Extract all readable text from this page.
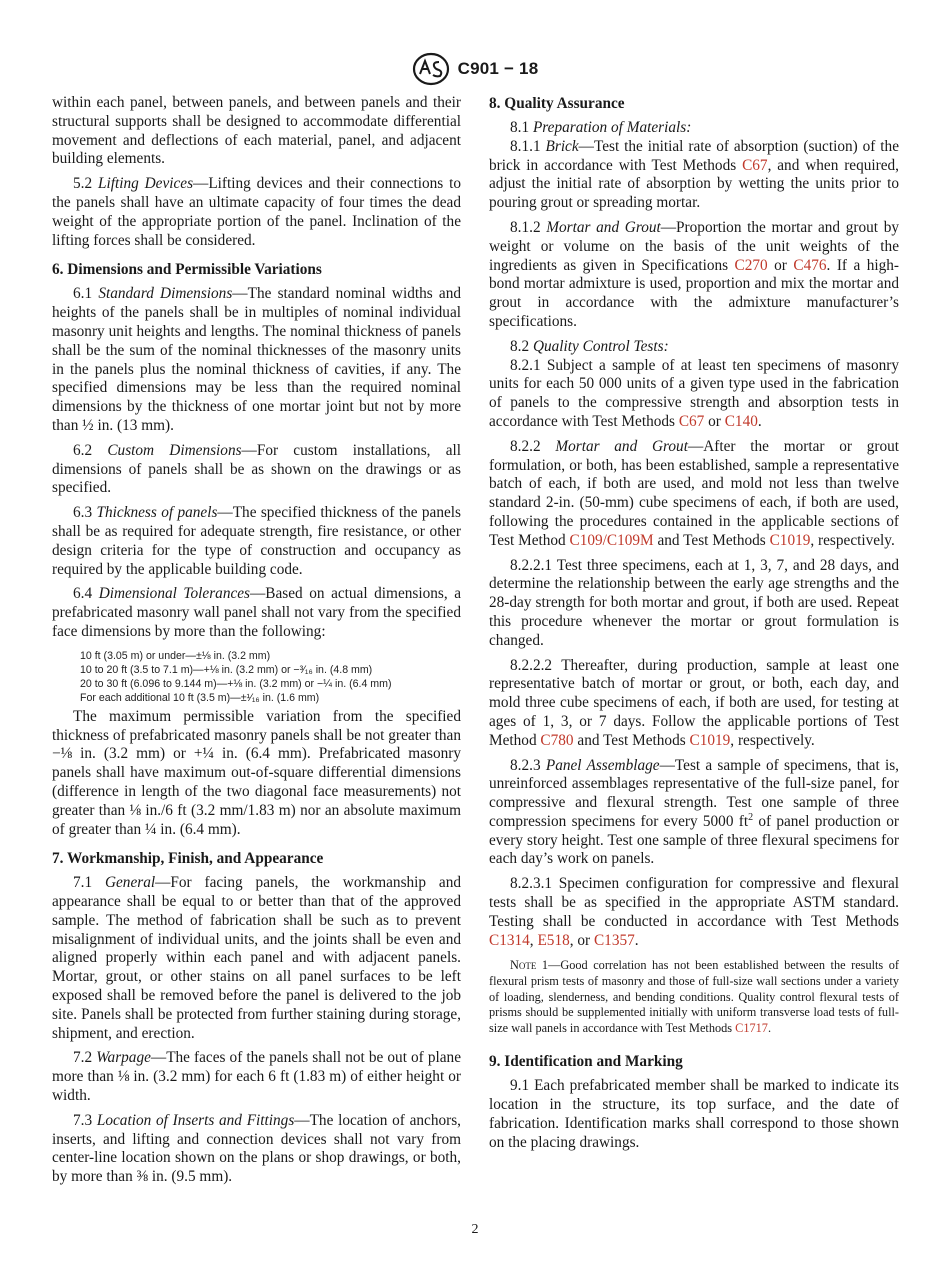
C901 − 18

within each panel, between panels, and between panels and their structural supports shall be designed to accommodate differential movement and deflections of each material, panel, and adjacent building elements.

5.2 Lifting Devices—Lifting devices and their connections to the panels shall have an ultimate capacity of four times the dead weight of the appropriate portion of the panel. Inclination of the lifting forces shall be considered.

6. Dimensions and Permissible Variations

6.1 Standard Dimensions—The standard nominal widths and heights of the panels shall be in multiples of nominal individual masonry unit heights and lengths. The nominal thickness of panels shall be the sum of the nominal thicknesses of the masonry units in the panels plus the nominal thickness of cavities, if any. The specified dimensions may be less than the required nominal dimensions by the thickness of one mortar joint but not by more than ½ in. (13 mm).

6.2 Custom Dimensions—For custom installations, all dimensions of panels shall be as shown on the drawings or as specified.

6.3 Thickness of panels—The specified thickness of the panels shall be as required for adequate strength, fire resistance, or other design criteria for the type of construction and occupancy as required by the applicable building code.

6.4 Dimensional Tolerances—Based on actual dimensions, a prefabricated masonry wall panel shall not vary from the specified face dimensions by more than the following:

10 ft (3.05 m) or under—±⅛ in. (3.2 mm)
10 to 20 ft (3.5 to 7.1 m)—+⅛ in. (3.2 mm) or −³⁄₁₆ in. (4.8 mm)
20 to 30 ft (6.096 to 9.144 m)—+⅛ in. (3.2 mm) or −¼ in. (6.4 mm)
For each additional 10 ft (3.5 m)—±¹⁄₁₆ in. (1.6 mm)

The maximum permissible variation from the specified thickness of prefabricated masonry panels shall be not greater than −⅛ in. (3.2 mm) or +¼ in. (6.4 mm). Prefabricated masonry panels shall have maximum out-of-square differential dimensions (difference in length of the two diagonal face measurements) not greater than ⅛ in./6 ft (3.2 mm/1.83 m) nor an absolute maximum of greater than ¼ in. (6.4 mm).

7. Workmanship, Finish, and Appearance

7.1 General—For facing panels, the workmanship and appearance shall be equal to or better than that of the approved sample. The method of fabrication shall be such as to prevent misalignment of individual units, and the joints shall be even and aligned properly within each panel and with adjacent panels. Mortar, grout, or other stains on all panel surfaces to be left exposed shall be removed before the panel is delivered to the job site. Panels shall be protected from further staining during storage, shipment, and erection.

7.2 Warpage—The faces of the panels shall not be out of plane more than ⅛ in. (3.2 mm) for each 6 ft (1.83 m) of either height or width.

7.3 Location of Inserts and Fittings—The location of anchors, inserts, and lifting and connection devices shall not vary from center-line location shown on the plans or shop drawings, or both, by more than ⅜ in. (9.5 mm).

8. Quality Assurance

8.1 Preparation of Materials:

8.1.1 Brick—Test the initial rate of absorption (suction) of the brick in accordance with Test Methods C67, and when required, adjust the initial rate of absorption by wetting the units prior to pouring grout or spreading mortar.

8.1.2 Mortar and Grout—Proportion the mortar and grout by weight or volume on the basis of the unit weights of the ingredients as given in Specifications C270 or C476. If a high-bond mortar admixture is used, proportion and mix the mortar and grout in accordance with the admixture manufacturer’s specifications.

8.2 Quality Control Tests:

8.2.1 Subject a sample of at least ten specimens of masonry units for each 50 000 units of a given type used in the fabrication of panels to the compressive strength and absorption tests in accordance with Test Methods C67 or C140.

8.2.2 Mortar and Grout—After the mortar or grout formulation, or both, has been established, sample a representative batch of each, if both are used, and mold not less than twelve standard 2-in. (50-mm) cube specimens of each, if both are used, following the procedures contained in the applicable sections of Test Method C109/C109M and Test Methods C1019, respectively.

8.2.2.1 Test three specimens, each at 1, 3, 7, and 28 days, and determine the relationship between the early age strengths and the 28-day strength for both mortar and grout, if both are used. Repeat this procedure whenever the mortar or grout formulation is changed.

8.2.2.2 Thereafter, during production, sample at least one representative batch of mortar or grout, or both, each day, and mold three cube specimens of each, if both are used, for testing at ages of 1, 3, or 7 days. Follow the applicable portions of Test Method C780 and Test Methods C1019, respectively.

8.2.3 Panel Assemblage—Test a sample of specimens, that is, unreinforced assemblages representative of the full-size panel, for compressive and flexural strength. Test one sample of three compression specimens for every 5000 $ft^2$ of panel production or every story height. Test one sample of three flexural specimens for each day’s work on panels.

8.2.3.1 Specimen configuration for compressive and flexural tests shall be as specified in the appropriate ASTM standard. Testing shall be conducted in accordance with Test Methods C1314, E518, or C1357.

Note 1—Good correlation has not been established between the results of flexural prism tests of masonry and those of full-size wall sections under a variety of loading, slenderness, and bending conditions. Quality control flexural tests of prisms should be supplemented initially with uniform transverse load tests of full-size wall panels in accordance with Test Methods C1717.
9. Identification and Marking

9.1 Each prefabricated member shall be marked to indicate its location in the structure, its top surface, and the date of fabrication. Identification marks shall correspond to those shown on the placing drawings.

2
